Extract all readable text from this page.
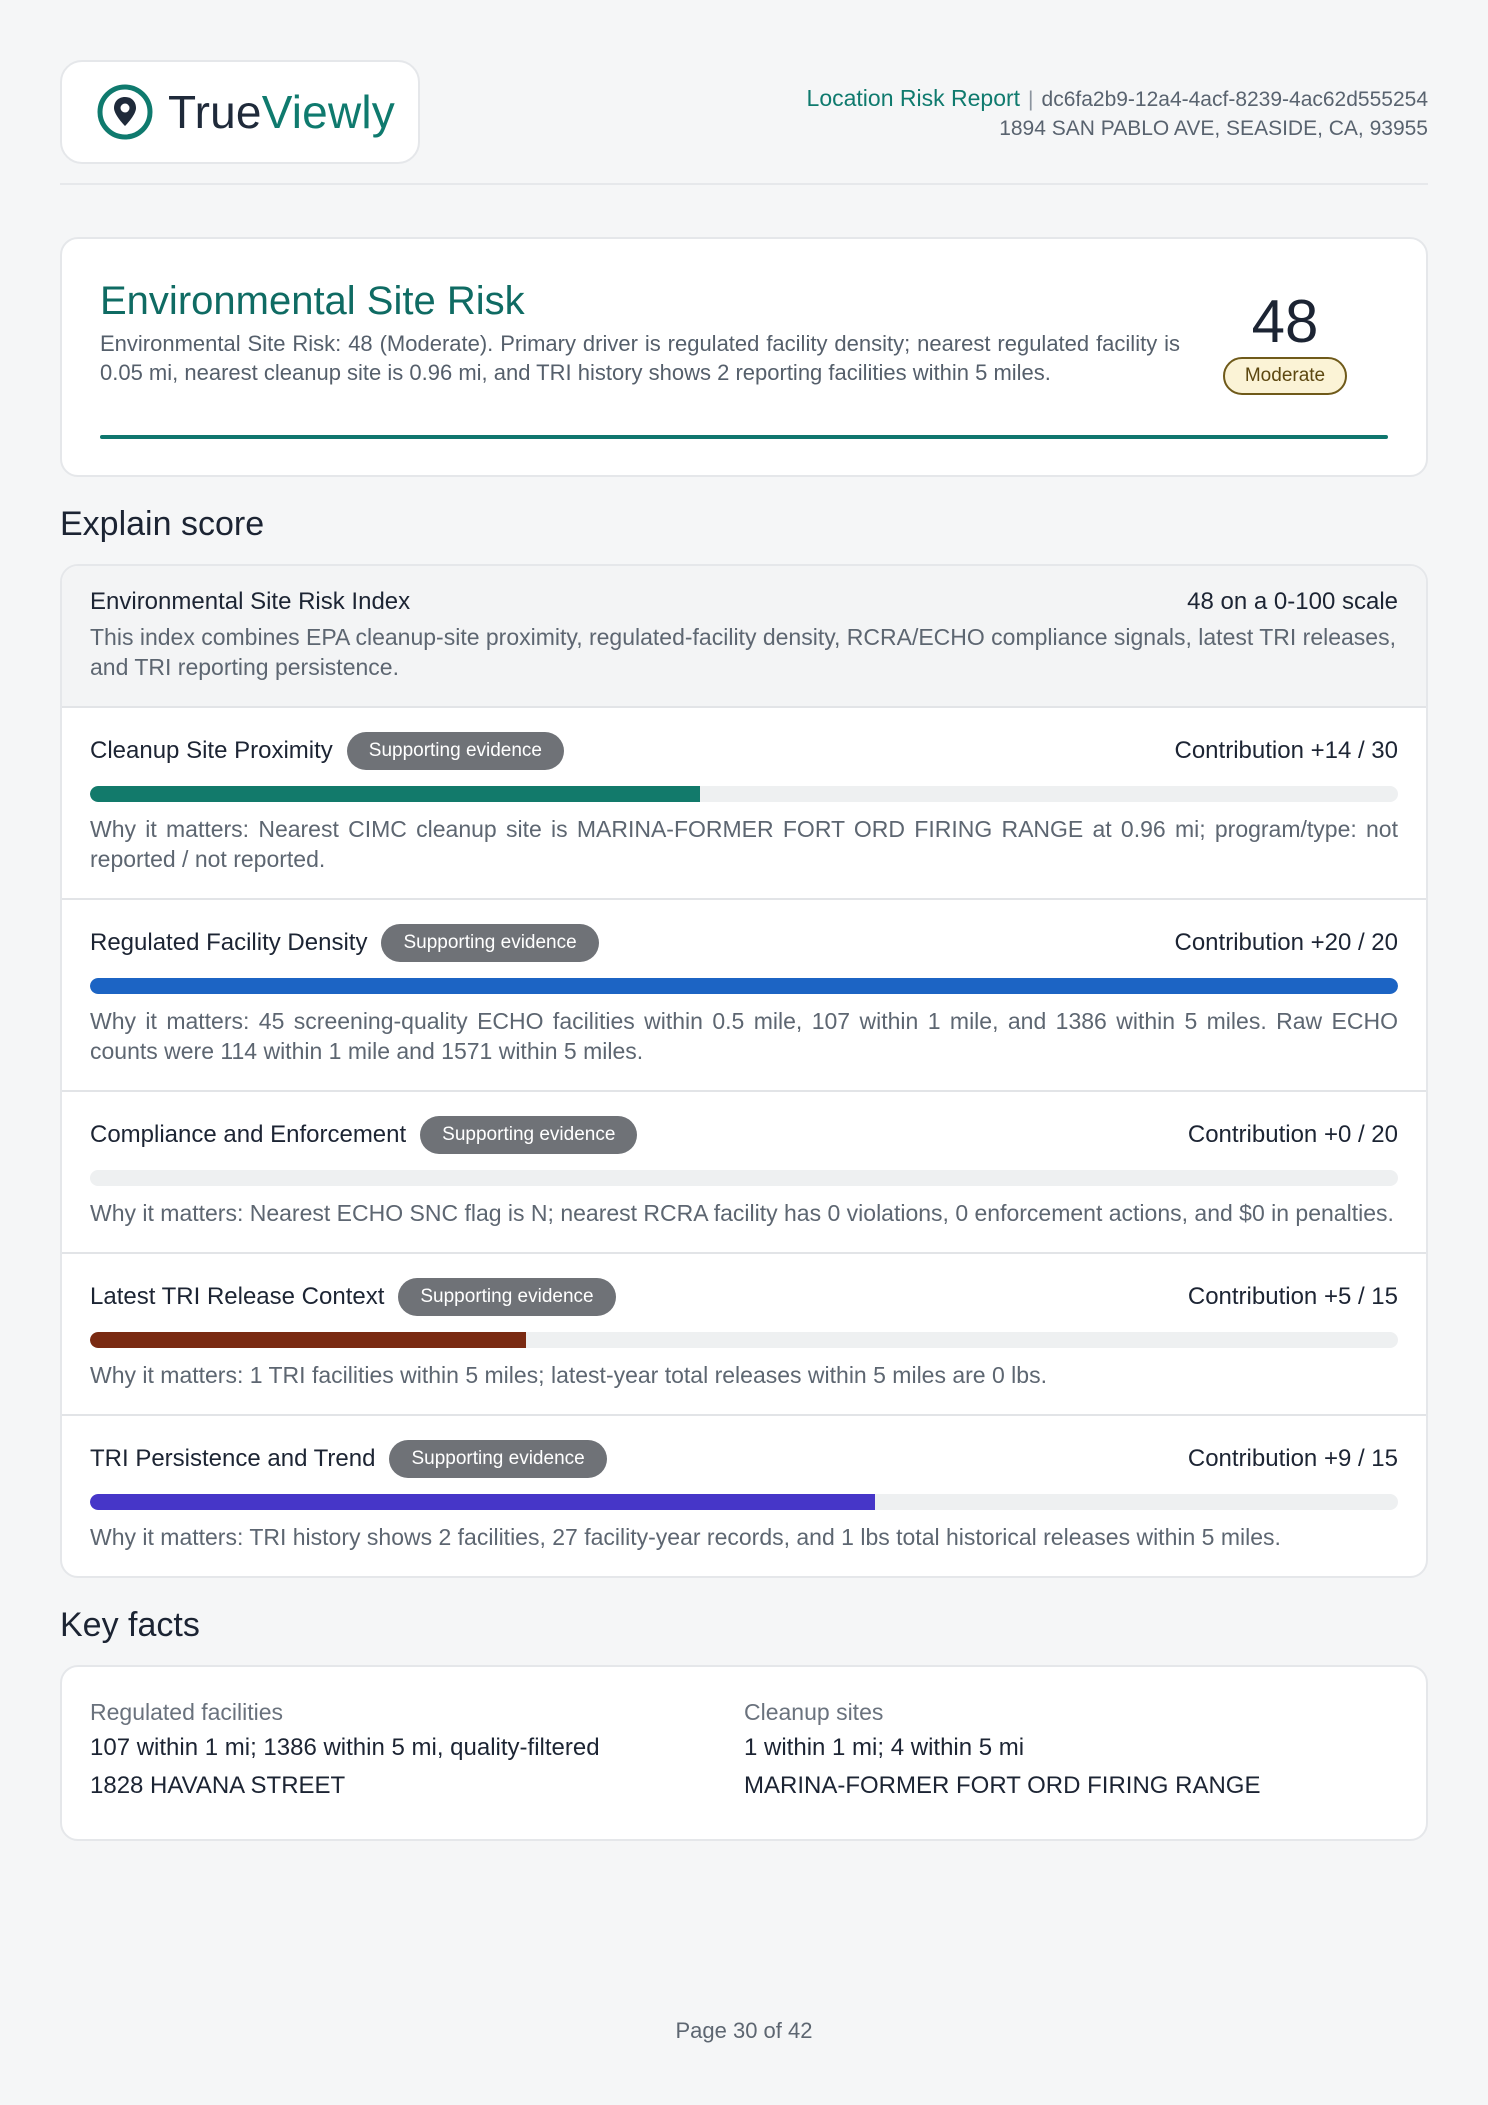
TrueViewly	Location Risk Report | dc6fa2b9-12a4-4acf-8239-4ac62d555254
1894 SAN PABLO AVE, SEASIDE, CA, 93955
Environmental Site Risk
Environmental Site Risk: 48 (Moderate). Primary driver is regulated facility density; nearest regulated facility is 0.05 mi, nearest cleanup site is 0.96 mi, and TRI history shows 2 reporting facilities within 5 miles.
48
Moderate
Explain score
Environmental Site Risk Index	48 on a 0-100 scale
This index combines EPA cleanup-site proximity, regulated-facility density, RCRA/ECHO compliance signals, latest TRI releases, and TRI reporting persistence.
Cleanup Site Proximity	Supporting evidence	Contribution +14 / 30
Why it matters: Nearest CIMC cleanup site is MARINA-FORMER FORT ORD FIRING RANGE at 0.96 mi; program/type: not reported / not reported.
Regulated Facility Density	Supporting evidence	Contribution +20 / 20
Why it matters: 45 screening-quality ECHO facilities within 0.5 mile, 107 within 1 mile, and 1386 within 5 miles. Raw ECHO counts were 114 within 1 mile and 1571 within 5 miles.
Compliance and Enforcement	Supporting evidence	Contribution +0 / 20
Why it matters: Nearest ECHO SNC flag is N; nearest RCRA facility has 0 violations, 0 enforcement actions, and $0 in penalties.
Latest TRI Release Context	Supporting evidence	Contribution +5 / 15
Why it matters: 1 TRI facilities within 5 miles; latest-year total releases within 5 miles are 0 lbs.
TRI Persistence and Trend	Supporting evidence	Contribution +9 / 15
Why it matters: TRI history shows 2 facilities, 27 facility-year records, and 1 lbs total historical releases within 5 miles.
Key facts
Regulated facilities
107 within 1 mi; 1386 within 5 mi, quality-filtered
1828 HAVANA STREET
Cleanup sites
1 within 1 mi; 4 within 5 mi
MARINA-FORMER FORT ORD FIRING RANGE
Page 30 of 42
